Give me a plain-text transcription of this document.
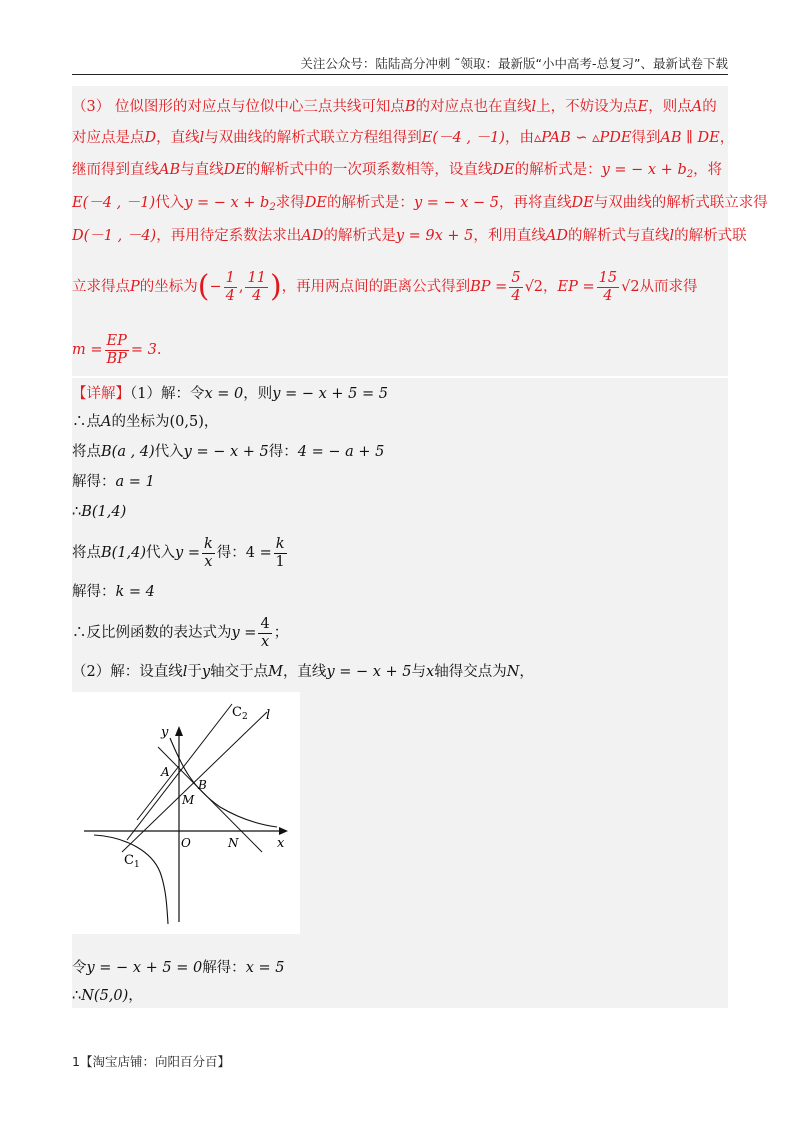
关注公众号：陆陆高分冲刺 ˜领取：最新版“小中高考-总复习”、最新试卷下载
（3） 位似图形的对应点与位似中心三点共线可知点B的对应点也在直线l上，不妨设为点E，则点A的
对应点是点D，直线l与双曲线的解析式联立方程组得到E(－4 , －1)，由▵PAB ∽ ▵PDE得到AB ∥ DE，
继而得到直线AB与直线DE的解析式中的一次项系数相等，设直线DE的解析式是：y = − $x + b_2$，将
E(－4 , －1)代入y = − $x + b_2$求得DE的解析式是：y = − x − 5，再将直线DE与双曲线的解析式联立求得
D(－1 , －4)，再用待定系数法求出AD的解析式是y = 9x + 5，利用直线AD的解析式与直线l的解析式联
立求得点P的坐标为(− $\frac{1}{4}$ , $\frac{11}{4}$ )，再用两点间的距离公式得到BP = $\frac{5}{4} √2$，EP = $\frac{15}{4} √2$从而求得
$m = \frac{EP}{BP} = 3$.
【详解】（1）解：令x = 0，则y = − x + 5 = 5
∴点A的坐标为(0,5)，
将点B(a , 4)代入y = − x + 5得：4 = − a + 5
解得：a = 1
∴B(1,4)
将点B(1,4)代入$y = \frac{k}{x}$ 得：$4 = \frac{k}{1}$
解得：k = 4
∴反比例函数的表达式为$y = \frac{4}{x}$ ；
（2）解：设直线l于y轴交于点M，直线y = − x + 5与x轴得交点为N，
$C_2$ l
y
A
B
M
O	N	x
$C_1$
令y = − x + 5 = 0解得：x = 5
∴N(5,0)，
1【淘宝店铺：向阳百分百】
